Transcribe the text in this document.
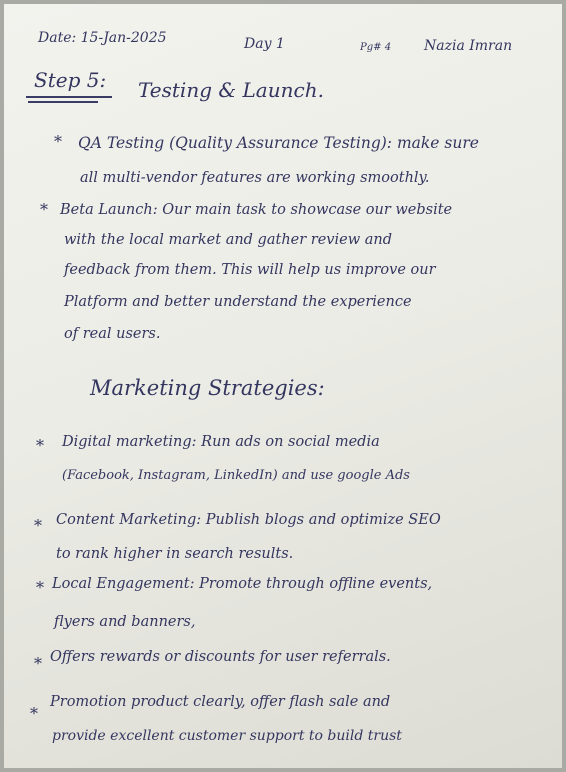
Date: 15-Jan-2025	Day 1	Pg# 4 Nazia Imran
Step 5: Testing & Launch.
* QA Testing (Quality Assurance Testing): make sure
all multi-vendor features are working smoothly.
* Beta Launch: Our main task to showcase our website
with the local market and gather review and
feedback from them. This will help us improve our
Platform and better understand the experience
of real users.
Marketing Strategies:
* Digital marketing: Run ads on social media
(Facebook, Instagram, LinkedIn) and use google Ads
* Content Marketing: Publish blogs and optimize SEO
to rank higher in search results.
* Local Engagement: Promote through offline events,
flyers and banners,
* Offers rewards or discounts for user referrals.
*
Promotion product clearly, offer flash sale and
provide excellent customer support to build trust
